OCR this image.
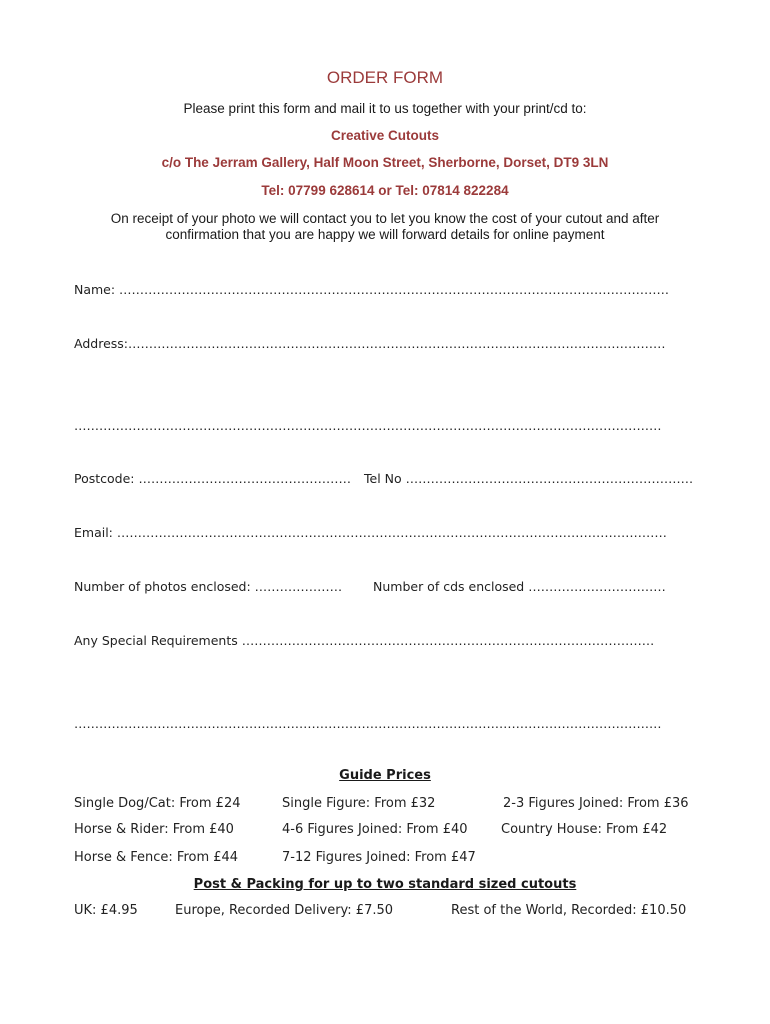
ORDER FORM
Please print this form and mail it to us together with your print/cd to:
Creative Cutouts
c/o The Jerram Gallery, Half Moon Street, Sherborne, Dorset, DT9 3LN
Tel: 07799 628614 or Tel: 07814 822284
On receipt of your photo we will contact you to let you know the cost of your cutout and after
confirmation that you are happy we will forward details for online payment
Name: ……………………………………………………………………………………………………………………
Address:…………………………………………………………………………………………………………………
……………………………………………………………………………………………………………………………
Postcode: …………………………………………… Tel No ……………………………………………………………
Email: ……………………………………………………………………………………………………………………
Number of photos enclosed: ………………… Number of cds enclosed ……………………………
Any Special Requirements ………………………………………………………………………………………
……………………………………………………………………………………………………………………………
Guide Prices
Single Dog/Cat: From £24	Single Figure: From £32	2-3 Figures Joined: From £36
Horse & Rider: From £40	4-6 Figures Joined: From £40	Country House: From £42
Horse & Fence: From £44	7-12 Figures Joined: From £47
Post & Packing for up to two standard sized cutouts
UK: £4.95	Europe, Recorded Delivery: £7.50	Rest of the World, Recorded: £10.50
